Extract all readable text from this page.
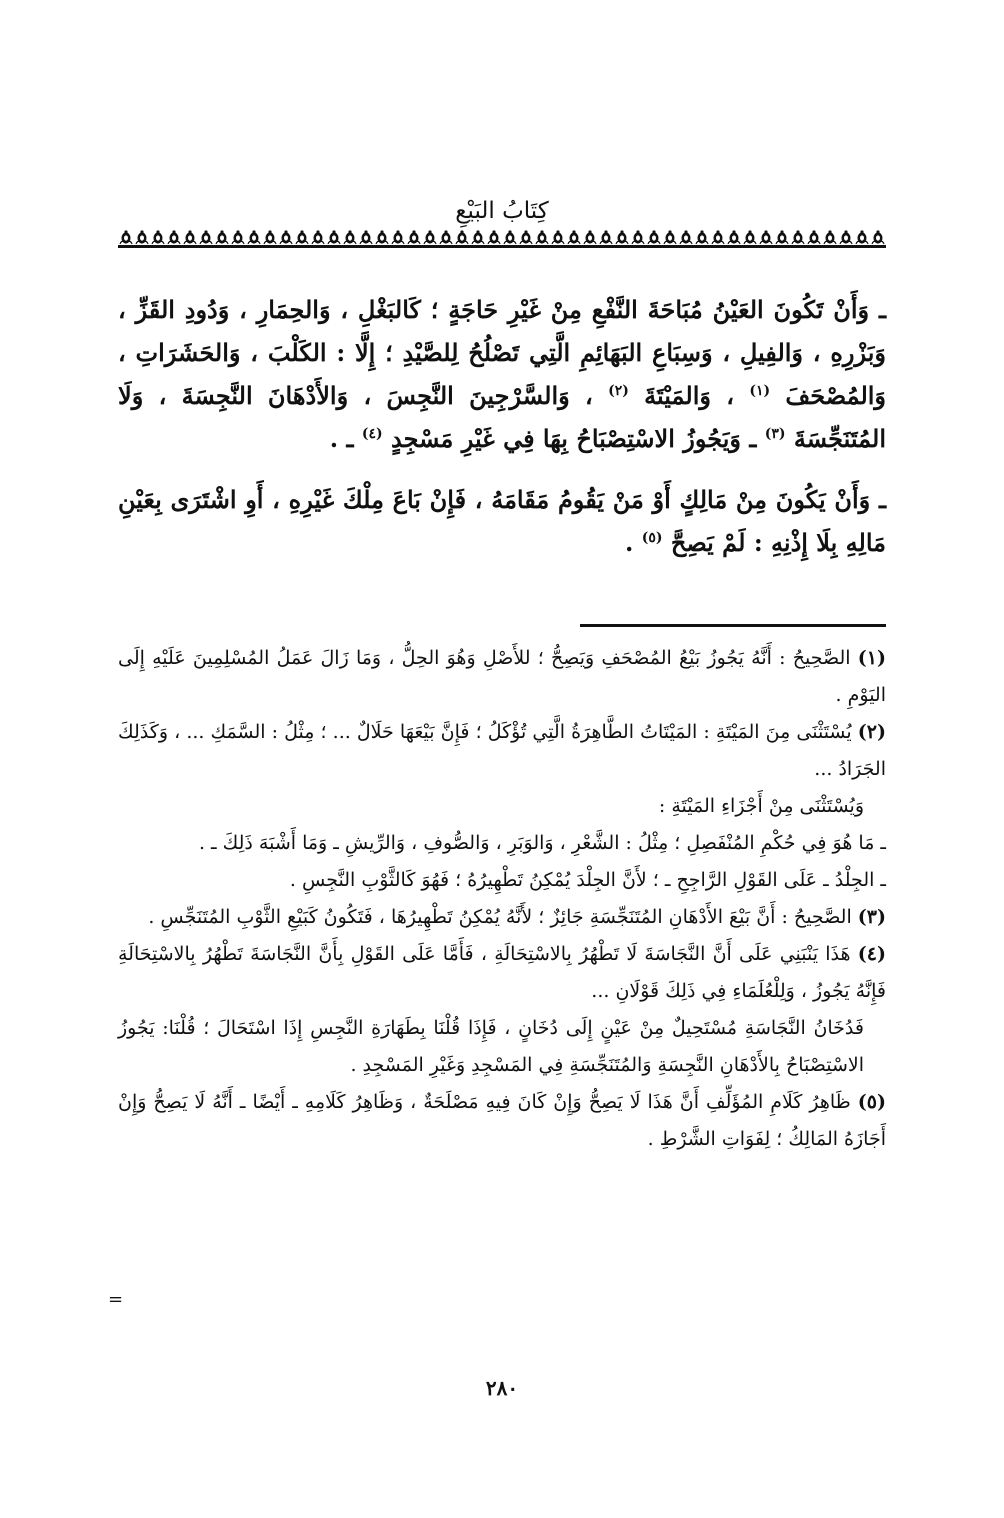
كِتَابُ البَيْعِ

ـ وَأَنْ تَكُونَ العَيْنُ مُبَاحَةَ النَّفْعِ مِنْ غَيْرِ حَاجَةٍ ؛ كَالبَغْلِ ، وَالحِمَارِ ، وَدُودِ القَزِّ ، وَبَزْرِهِ ، وَالفِيلِ ، وَسِبَاعِ البَهَائِمِ الَّتِي تَصْلُحُ لِلصَّيْدِ ؛ إِلَّا : الكَلْبَ ، وَالحَشَرَاتِ ، وَالمُصْحَفَ $^{(١)}$ ، وَالمَيْتَةَ $^{(٢)}$ ، وَالسَّرْجِينَ النَّجِسَ ، وَالأَدْهَانَ النَّجِسَةَ ، وَلَا المُتَنَجِّسَةَ $^{(٣)}$ ـ وَيَجُوزُ الاسْتِصْبَاحُ بِهَا فِي غَيْرِ مَسْجِدٍ $^{(٤)}$ ـ .

ـ وَأَنْ يَكُونَ مِنْ مَالِكٍ أَوْ مَنْ يَقُومُ مَقَامَهُ ، فَإِنْ بَاعَ مِلْكَ غَيْرِهِ ، أَوِ اشْتَرَى بِعَيْنِ مَالِهِ بِلَا إِذْنِهِ : لَمْ يَصِحَّ $^{(٥)}$ .

(١) الصَّحِيحُ : أَنَّهُ يَجُوزُ بَيْعُ المُصْحَفِ وَيَصِحُّ ؛ للأَصْلِ وَهُوَ الحِلُّ ، وَمَا زَالَ عَمَلُ المُسْلِمِينَ عَلَيْهِ إِلَى اليَوْمِ .

(٢) يُسْتَثْنَى مِنَ المَيْتَةِ : المَيْتَاتُ الطَّاهِرَةُ الَّتِي تُؤْكَلُ ؛ فَإِنَّ بَيْعَهَا حَلَالٌ ... ؛ مِثْلُ : السَّمَكِ ... ، وَكَذَلِكَ الجَرَادُ ...

وَيُسْتَثْنَى مِنْ أَجْزَاءِ المَيْتَةِ :

ـ مَا هُوَ فِي حُكْمِ المُنْفَصِلِ ؛ مِثْلُ : الشَّعْرِ ، وَالوَبَرِ ، وَالصُّوفِ ، وَالرِّيشِ ـ وَمَا أَشْبَهَ ذَلِكَ ـ .

ـ الجِلْدُ ـ عَلَى القَوْلِ الرَّاجِحِ ـ ؛ لأَنَّ الجِلْدَ يُمْكِنُ تَطْهِيرُهُ ؛ فَهُوَ كَالثَّوْبِ النَّجِسِ .

(٣) الصَّحِيحُ : أَنَّ بَيْعَ الأَدْهَانِ المُتَنَجِّسَةِ جَائِزٌ ؛ لأَنَّهُ يُمْكِنُ تَطْهِيرُهَا ، فَتَكُونُ كَبَيْعِ الثَّوْبِ المُتَنَجِّسِ .

(٤) هَذَا يَنْبَنِي عَلَى أَنَّ النَّجَاسَةَ لَا تَطْهُرُ بِالاسْتِحَالَةِ ، فَأَمَّا عَلَى القَوْلِ بِأَنَّ النَّجَاسَةَ تَطْهُرُ بِالاسْتِحَالَةِ فَإِنَّهُ يَجُوزُ ، وَلِلْعُلَمَاءِ فِي ذَلِكَ قَوْلَانِ ...

فَدُخَانُ النَّجَاسَةِ مُسْتَحِيلٌ مِنْ عَيْنٍ إِلَى دُخَانٍ ، فَإِذَا قُلْنَا بِطَهَارَةِ النَّجِسِ إِذَا اسْتَحَالَ ؛ قُلْنَا: يَجُوزُ الاسْتِصْبَاحُ بِالأَدْهَانِ النَّجِسَةِ وَالمُتَنَجِّسَةِ فِي المَسْجِدِ وَغَيْرِ المَسْجِدِ .

(٥) ظَاهِرُ كَلَامِ المُؤَلِّفِ أَنَّ هَذَا لَا يَصِحُّ وَإِنْ كَانَ فِيهِ مَصْلَحَةٌ ، وَظَاهِرُ كَلَامِهِ ـ أَيْضًا ـ أَنَّهُ لَا يَصِحُّ وَإِنْ أَجَازَهُ المَالِكُ ؛ لِفَوَاتِ الشَّرْطِ .

=
٢٨٠
